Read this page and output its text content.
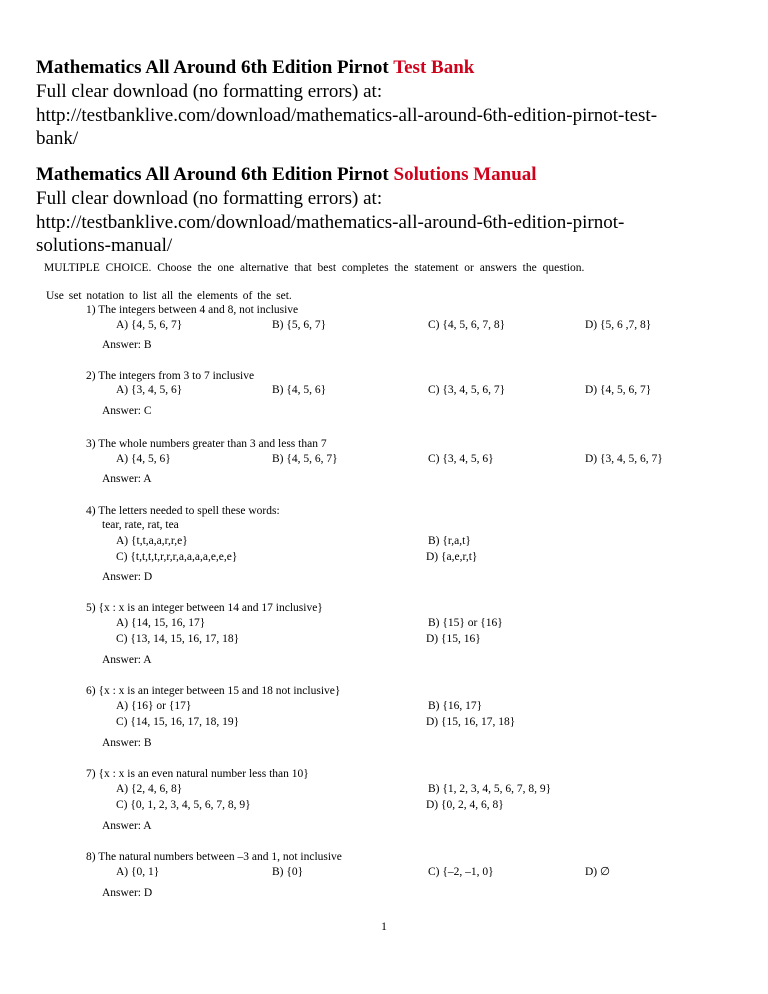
Mathematics All Around 6th Edition Pirnot Test Bank
Full clear download (no formatting errors) at:
http://testbanklive.com/download/mathematics-all-around-6th-edition-pirnot-test-
bank/
Mathematics All Around 6th Edition Pirnot Solutions Manual
Full clear download (no formatting errors) at:
http://testbanklive.com/download/mathematics-all-around-6th-edition-pirnot-
solutions-manual/
MULTIPLE CHOICE. Choose the one alternative that best completes the statement or answers the question.
Use set notation to list all the elements of the set.
1) The integers between 4 and 8, not inclusive
A) {4, 5, 6, 7}	B) {5, 6, 7}	C) {4, 5, 6, 7, 8}	D) {5, 6 ,7, 8}
Answer: B
2) The integers from 3 to 7 inclusive
A) {3, 4, 5, 6}	B) {4, 5, 6}	C) {3, 4, 5, 6, 7}	D) {4, 5, 6, 7}
Answer: C
3) The whole numbers greater than 3 and less than 7
A) {4, 5, 6}	B) {4, 5, 6, 7}	C) {3, 4, 5, 6}	D) {3, 4, 5, 6, 7}
Answer: A
4) The letters needed to spell these words:
tear, rate, rat, tea
A) {t,t,a,a,r,r,e}	B) {r,a,t}
C) {t,t,t,t,r,r,r,a,a,a,a,e,e,e}	D) {a,e,r,t}
Answer: D
5) {x : x is an integer between 14 and 17 inclusive}
A) {14, 15, 16, 17}	B) {15} or {16}
C) {13, 14, 15, 16, 17, 18}	D) {15, 16}
Answer: A
6) {x : x is an integer between 15 and 18 not inclusive}
A) {16} or {17}	B) {16, 17}
C) {14, 15, 16, 17, 18, 19}	D) {15, 16, 17, 18}
Answer: B
7) {x : x is an even natural number less than 10}
A) {2, 4, 6, 8}	B) {1, 2, 3, 4, 5, 6, 7, 8, 9}
C) {0, 1, 2, 3, 4, 5, 6, 7, 8, 9}	D) {0, 2, 4, 6, 8}
Answer: A
8) The natural numbers between –3 and 1, not inclusive
A) {0, 1}	B) {0}	C) {–2, –1, 0}	D) ∅
Answer: D
1
